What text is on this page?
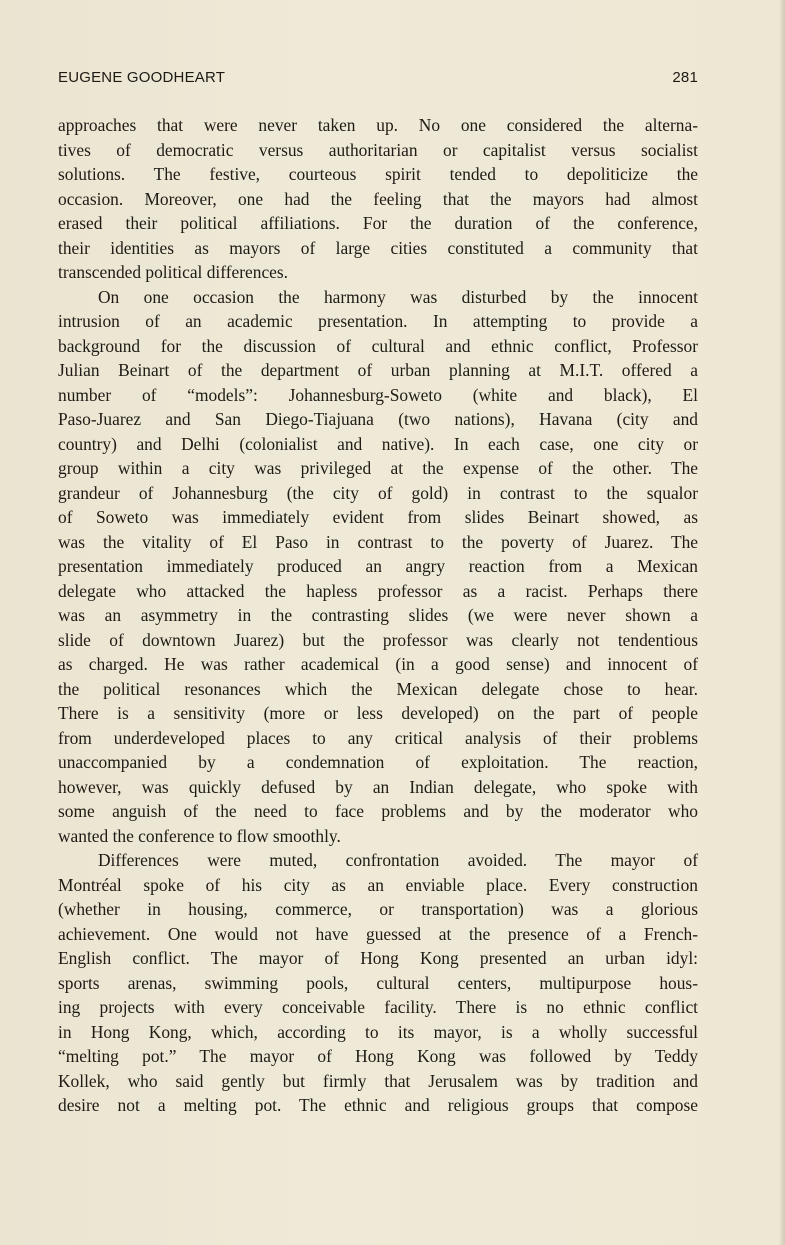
EUGENE GOODHEART	281
approaches that were never taken up. No one considered the alterna-
tives of democratic versus authoritarian or capitalist versus socialist
solutions. The festive, courteous spirit tended to depoliticize the
occasion. Moreover, one had the feeling that the mayors had almost
erased their political affiliations. For the duration of the conference,
their identities as mayors of large cities constituted a community that
transcended political differences.
On one occasion the harmony was disturbed by the innocent
intrusion of an academic presentation. In attempting to provide a
background for the discussion of cultural and ethnic conflict, Professor
Julian Beinart of the department of urban planning at M.I.T. offered a
number of “models”: Johannesburg-Soweto (white and black), El
Paso-Juarez and San Diego-Tiajuana (two nations), Havana (city and
country) and Delhi (colonialist and native). In each case, one city or
group within a city was privileged at the expense of the other. The
grandeur of Johannesburg (the city of gold) in contrast to the squalor
of Soweto was immediately evident from slides Beinart showed, as
was the vitality of El Paso in contrast to the poverty of Juarez. The
presentation immediately produced an angry reaction from a Mexican
delegate who attacked the hapless professor as a racist. Perhaps there
was an asymmetry in the contrasting slides (we were never shown a
slide of downtown Juarez) but the professor was clearly not tendentious
as charged. He was rather academical (in a good sense) and innocent of
the political resonances which the Mexican delegate chose to hear.
There is a sensitivity (more or less developed) on the part of people
from underdeveloped places to any critical analysis of their problems
unaccompanied by a condemnation of exploitation. The reaction,
however, was quickly defused by an Indian delegate, who spoke with
some anguish of the need to face problems and by the moderator who
wanted the conference to flow smoothly.
Differences were muted, confrontation avoided. The mayor of
Montréal spoke of his city as an enviable place. Every construction
(whether in housing, commerce, or transportation) was a glorious
achievement. One would not have guessed at the presence of a French-
English conflict. The mayor of Hong Kong presented an urban idyl:
sports arenas, swimming pools, cultural centers, multipurpose hous-
ing projects with every conceivable facility. There is no ethnic conflict
in Hong Kong, which, according to its mayor, is a wholly successful
“melting pot.” The mayor of Hong Kong was followed by Teddy
Kollek, who said gently but firmly that Jerusalem was by tradition and
desire not a melting pot. The ethnic and religious groups that compose
